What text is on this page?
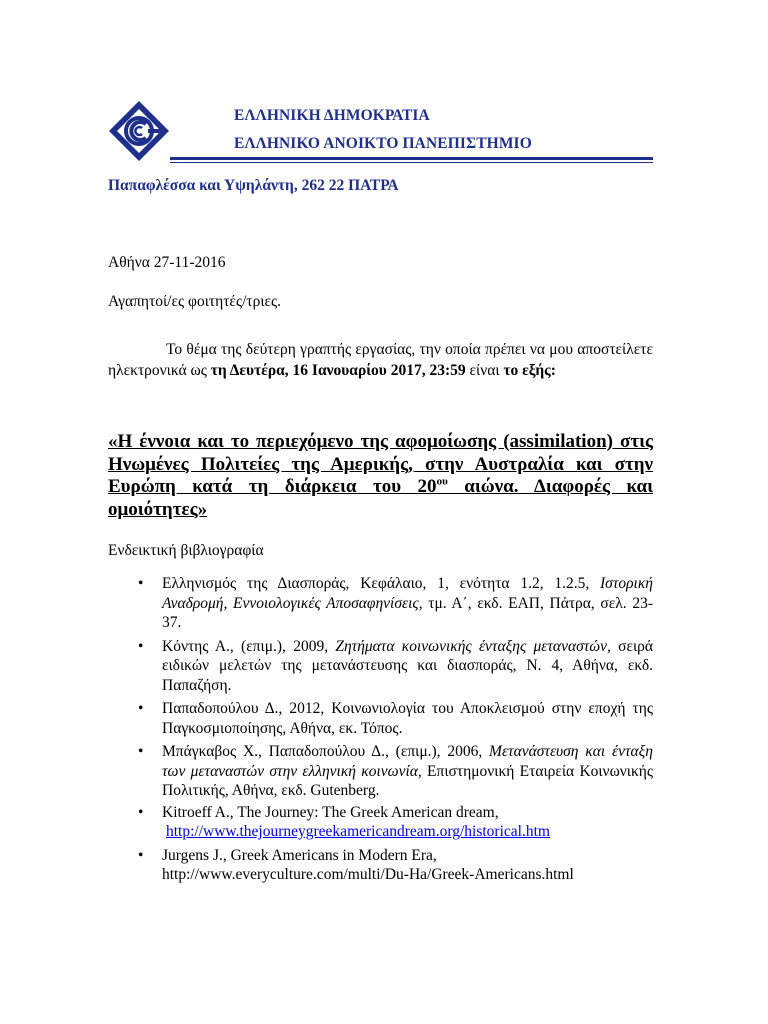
ΕΛΛΗΝΙΚΗ ΔΗΜΟΚΡΑΤΙΑ
ΕΛΛΗΝΙΚΟ ΑΝΟΙΚΤΟ ΠΑΝΕΠΙΣΤΗΜΙΟ
Παπαφλέσσα και Υψηλάντη, 262 22 ΠΑΤΡΑ
Αθήνα 27-11-2016
Αγαπητοί/ες φοιτητές/τριες.
Το θέμα της δεύτερη γραπτής εργασίας, την οποία πρέπει να μου αποστείλετε ηλεκτρονικά ως τη Δευτέρα, 16 Ιανουαρίου 2017, 23:59 είναι το εξής:
«Η έννοια και το περιεχόμενο της αφομοίωσης (assimilation) στις Ηνωμένες Πολιτείες της Αμερικής, στην Αυστραλία και στην Ευρώπη κατά τη διάρκεια του $20^{o\upsilon}$ αιώνα. Διαφορές και ομοιότητες»
Ενδεικτική βιβλιογραφία
• Ελληνισμός της Διασποράς, Κεφάλαιο, 1, ενότητα 1.2, 1.2.5, Ιστορική Αναδρομή, Εννοιολογικές Αποσαφηνίσεις, τμ. Α΄, εκδ. ΕΑΠ, Πάτρα, σελ. 23-37.
• Κόντης Α., (επιμ.), 2009, Ζητήματα κοινωνικής ένταξης μεταναστών, σειρά ειδικών μελετών της μετανάστευσης και διασποράς, Ν. 4, Αθήνα, εκδ. Παπαζήση.
• Παπαδοπούλου Δ., 2012, Κοινωνιολογία του Αποκλεισμού στην εποχή της Παγκοσμιοποίησης, Αθήνα, εκ. Τόπος.
• Μπάγκαβος Χ., Παπαδοπούλου Δ., (επιμ.), 2006, Μετανάστευση και ένταξη των μεταναστών στην ελληνική κοινωνία, Επιστημονική Εταιρεία Κοινωνικής Πολιτικής, Αθήνα, εκδ. Gutenberg.
• Kitroeff A., The Journey: The Greek American dream,
http://www.thejourneygreekamericandream.org/historical.htm
• Jurgens J., Greek Americans in Modern Era,
http://www.everyculture.com/multi/Du-Ha/Greek-Americans.html
